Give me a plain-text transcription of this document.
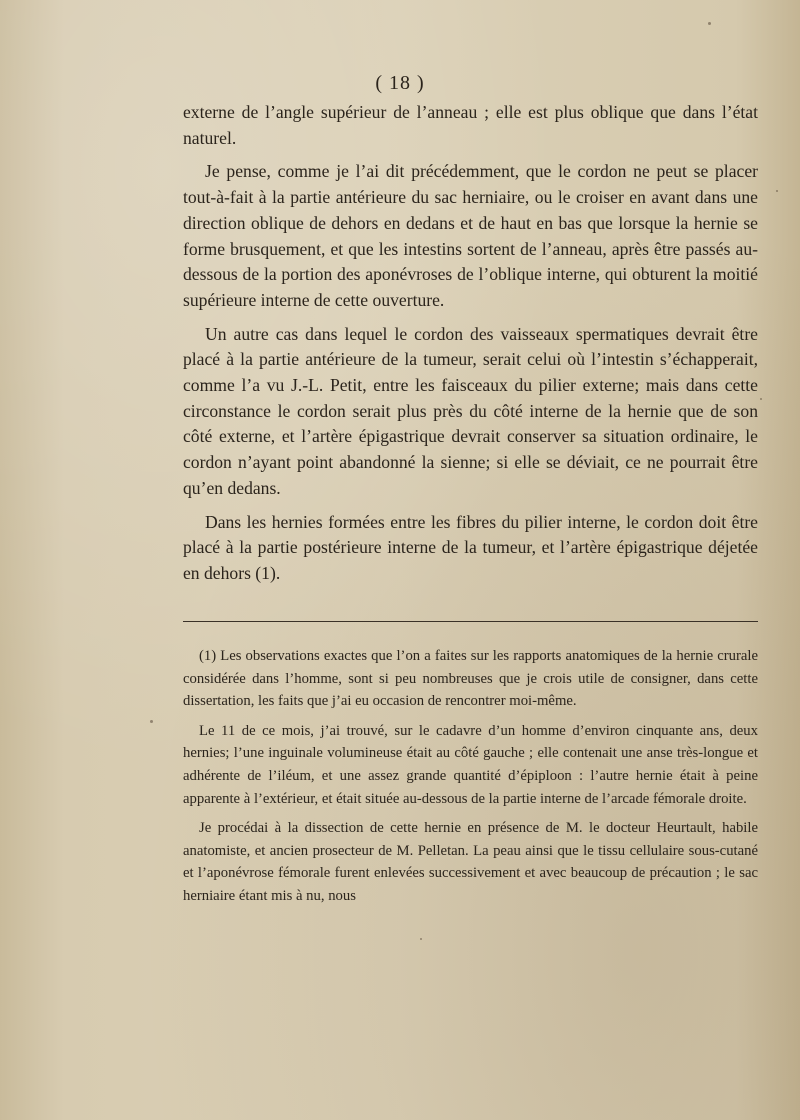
( 18 )

externe de l’angle supérieur de l’anneau ; elle est plus oblique que dans l’état naturel.

Je pense, comme je l’ai dit précédemment, que le cordon ne peut se placer tout-à-fait à la partie antérieure du sac herniaire, ou le croiser en avant dans une direction oblique de dehors en dedans et de haut en bas que lorsque la hernie se forme brusquement, et que les intestins sortent de l’anneau, après être passés au-dessous de la portion des aponévroses de l’oblique interne, qui obturent la moitié supérieure interne de cette ouverture.

Un autre cas dans lequel le cordon des vaisseaux spermatiques devrait être placé à la partie antérieure de la tumeur, serait celui où l’intestin s’échapperait, comme l’a vu J.-L. Petit, entre les faisceaux du pilier externe; mais dans cette circonstance le cordon serait plus près du côté interne de la hernie que de son côté externe, et l’artère épigastrique devrait conserver sa situation ordinaire, le cordon n’ayant point abandonné la sienne; si elle se déviait, ce ne pourrait être qu’en dedans.

Dans les hernies formées entre les fibres du pilier interne, le cordon doit être placé à la partie postérieure interne de la tumeur, et l’artère épigastrique déjetée en dehors (1).

(1) Les observations exactes que l’on a faites sur les rapports anatomiques de la hernie crurale considérée dans l’homme, sont si peu nombreuses que je crois utile de consigner, dans cette dissertation, les faits que j’ai eu occasion de rencontrer moi-même.

Le 11 de ce mois, j’ai trouvé, sur le cadavre d’un homme d’environ cinquante ans, deux hernies; l’une inguinale volumineuse était au côté gauche ; elle contenait une anse très-longue et adhérente de l’iléum, et une assez grande quantité d’épiploon : l’autre hernie était à peine apparente à l’extérieur, et était située au-dessous de la partie interne de l’arcade fémorale droite.

Je procédai à la dissection de cette hernie en présence de M. le docteur Heurtault, habile anatomiste, et ancien prosecteur de M. Pelletan. La peau ainsi que le tissu cellulaire sous-cutané et l’aponévrose fémorale furent enlevées successivement et avec beaucoup de précaution ; le sac herniaire étant mis à nu, nous
